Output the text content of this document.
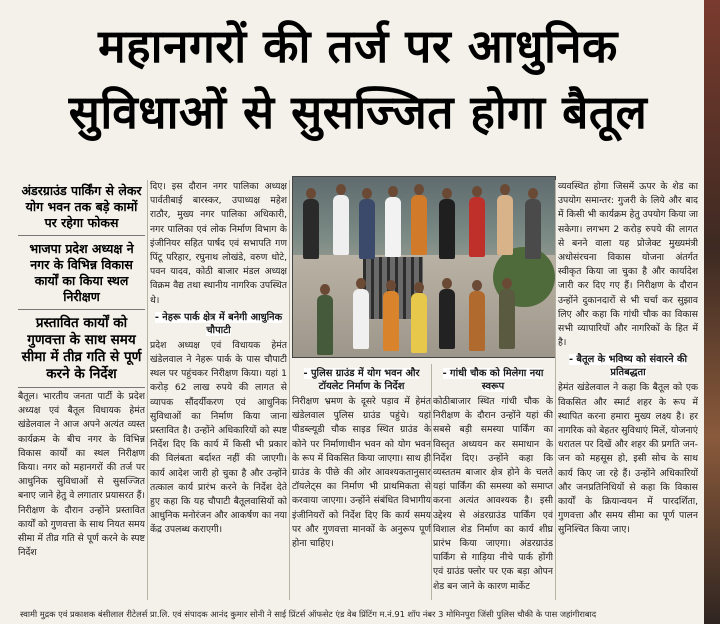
महानगरों की तर्ज पर आधुनिक
सुविधाओं से सुसज्जित होगा बैतूल
अंडरग्राउंड पार्किंग से लेकर योग भवन तक बड़े कामों पर रहेगा फोकस
भाजपा प्रदेश अध्यक्ष ने नगर के विभिन्न विकास कार्यों का किया स्थल निरीक्षण
प्रस्तावित कार्यों को गुणवत्ता के साथ समय सीमा में तीव्र गति से पूर्ण करने के निर्देश
बैतूल। भारतीय जनता पार्टी के प्रदेश अध्यक्ष एवं बैतूल विधायक हेमंत खंडेलवाल ने आज अपने अत्यंत व्यस्त कार्यक्रम के बीच नगर के विभिन्न विकास कार्यों का स्थल निरीक्षण किया। नगर को महानगरों की तर्ज पर आधुनिक सुविधाओं से सुसज्जित बनाए जाने हेतु वे लगातार प्रयासरत हैं। निरीक्षण के दौरान उन्होंने प्रस्तावित कार्यों को गुणवत्ता के साथ नियत समय सीमा में तीव्र गति से पूर्ण करने के स्पष्ट निर्देश
दिए। इस दौरान नगर पालिका अध्यक्ष पार्वतीबाई बारस्कर, उपाध्यक्ष महेश राठौर, मुख्य नगर पालिका अधिकारी, नगर पालिका एवं लोक निर्माण विभाग के इंजीनियर सहित पार्षद एवं सभापति गण पिंटू परिहार, रघुनाथ लोखंडे, वरुण धोटे, पवन यादव, कोठी बाजार मंडल अध्यक्ष विक्रम वैद्य तथा स्थानीय नागरिक उपस्थित थे।
- नेहरू पार्क क्षेत्र में बनेगी आधुनिक चौपाटी
प्रदेश अध्यक्ष एवं विधायक हेमंत खंडेलवाल ने नेहरू पार्क के पास चौपाटी स्थल पर पहुंचकर निरीक्षण किया। यहां 1 करोड़ 62 लाख रुपये की लागत से व्यापक सौंदर्यीकरण एवं आधुनिक सुविधाओं का निर्माण किया जाना प्रस्तावित है। उन्होंने अधिकारियों को स्पष्ट निर्देश दिए कि कार्य में किसी भी प्रकार की विलंबता बर्दाश्त नहीं की जाएगी। कार्य आदेश जारी हो चुका है और उन्होंने तत्काल कार्य प्रारंभ करने के निर्देश देते हुए कहा कि यह चौपाटी बैतूलवासियों को आधुनिक मनोरंजन और आकर्षण का नया केंद्र उपलब्ध कराएगी।
- पुलिस ग्राउंड में योग भवन और टॉयलेट निर्माण के निर्देश
निरीक्षण भ्रमण के दूसरे पड़ाव में हेमंत खंडेलवाल पुलिस ग्राउंड पहुंचे। यहां पीडब्ल्यूडी चौक साइड स्थित ग्राउंड के कोने पर निर्माणाधीन भवन को योग भवन के रूप में विकसित किया जाएगा। साथ ही ग्राउंड के पीछे की ओर आवश्यकतानुसार टॉयलेट्स का निर्माण भी प्राथमिकता से करवाया जाएगा। उन्होंने संबंधित विभागीय इंजीनियरों को निर्देश दिए कि कार्य समय पर और गुणवत्ता मानकों के अनुरूप पूर्ण होना चाहिए।
- गांधी चौक को मिलेगा नया स्वरूप
कोठीबाजार स्थित गांधी चौक के निरीक्षण के दौरान उन्होंने यहां की सबसे बड़ी समस्या पार्किंग का विस्तृत अध्ययन कर समाधान के निर्देश दिए। उन्होंने कहा कि व्यस्ततम बाजार क्षेत्र होने के चलते यहां पार्किंग की समस्या को समाप्त करना अत्यंत आवश्यक है। इसी उद्देश्य से अंडरग्राउंड पार्किंग एवं विशाल शेड निर्माण का कार्य शीघ्र प्रारंभ किया जाएगा। अंडरग्राउंड पार्किंग से गाड़िया नीचे पार्क होंगी एवं ग्राउंड फ्लोर पर एक बड़ा ओपन शेड बन जाने के कारण मार्केट
व्यवस्थित होगा जिसमें ऊपर के शेड का उपयोग समान्तर: गुजरी के लिये और बाद में किसी भी कार्यक्रम हेतु उपयोग किया जा सकेगा। लगभग 2 करोड़ रुपये की लागत से बनने वाला यह प्रोजेक्ट मुख्यमंत्री अधोसंरचना विकास योजना अंतर्गत स्वीकृत किया जा चुका है और कार्यादेश जारी कर दिए गए हैं। निरीक्षण के दौरान उन्होंने दुकानदारों से भी चर्चा कर सुझाव लिए और कहा कि गांधी चौक का विकास सभी व्यापारियों और नागरिकों के हित में है।
- बैतूल के भविष्य को संवारने की प्रतिबद्धता
हेमंत खंडेलवाल ने कहा कि बैतूल को एक विकसित और स्मार्ट शहर के रूप में स्थापित करना हमारा मुख्य लक्ष्य है। हर नागरिक को बेहतर सुविधाएं मिलें, योजनाएं धरातल पर दिखें और शहर की प्रगति जन-जन को महसूस हो, इसी सोच के साथ कार्य किए जा रहे हैं। उन्होंने अधिकारियों और जनप्रतिनिधियों से कहा कि विकास कार्यों के क्रियान्वयन में पारदर्शिता, गुणवत्ता और समय सीमा का पूर्ण पालन सुनिश्चित किया जाए।
स्वामी मुद्रक एवं प्रकाशक बंसीलाल रीटेलर्स प्रा.लि. एवं संपादक आनंद कुमार सोनी ने साई प्रिंटर्स ऑफसेट एंड वेब प्रिंटिंग म.नं.91 शॉप नंबर 3 मोमिनपुरा जिंसी पुलिस चौकी के पास जहांगीराबाद
